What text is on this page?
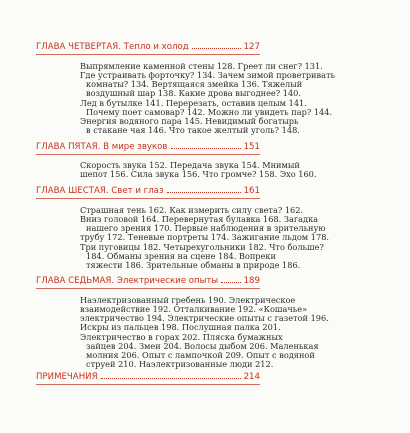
ГЛАВА ЧЕТВЕРТАЯ. Тепло и холод	127
Выпрямление каменной стены 128. Греет ли снег? 131.
Где устраивать форточку? 134. Зачем зимой проветривать
комнаты? 134. Вертящаяся змейка 136. Тяжелый
воздушный шар 138. Какие дрова выгоднее? 140.
Лед в бутылке 141. Перерезать, оставив целым 141.
Почему поет самовар? 142. Можно ли увидеть пар? 144.
Энергия водяного пара 145. Невидимый богатырь
в стакане чая 146. Что такое желтый уголь? 148.
ГЛАВА ПЯТАЯ. В мире звуков	151
Скорость звука 152. Передача звука 154. Мнимый
шепот 156. Сила звука 156. Что громче? 158. Эхо 160.
ГЛАВА ШЕСТАЯ. Свет и глаз	161
Страшная тень 162. Как измерить силу света? 162.
Вниз головой 164. Перевернутая булавка 168. Загадка
нашего зрения 170. Первые наблюдения в зрительную
трубу 172. Теневые портреты 174. Зажигание льдом 178.
Три пуговицы 182. Четырехугольники 182. Что больше?
184. Обманы зрения на сцене 184. Вопреки
тяжести 186. Зрительные обманы в природе 186.
ГЛАВА СЕДЬМАЯ. Электрические опыты	189
Наэлектризованный гребень 190. Электрическое
взаимодействие 192. Отталкивание 192. «Кошачье»
электричество 194. Электрические опыты с газетой 196.
Искры из пальцев 198. Послушная палка 201.
Электричество в горах 202. Пляска бумажных
зайцев 204. Змеи 204. Волосы дыбом 206. Маленькая
молния 206. Опыт с лампочкой 209. Опыт с водяной
струей 210. Наэлектризованные люди 212.
ПРИМЕЧАНИЯ	214
